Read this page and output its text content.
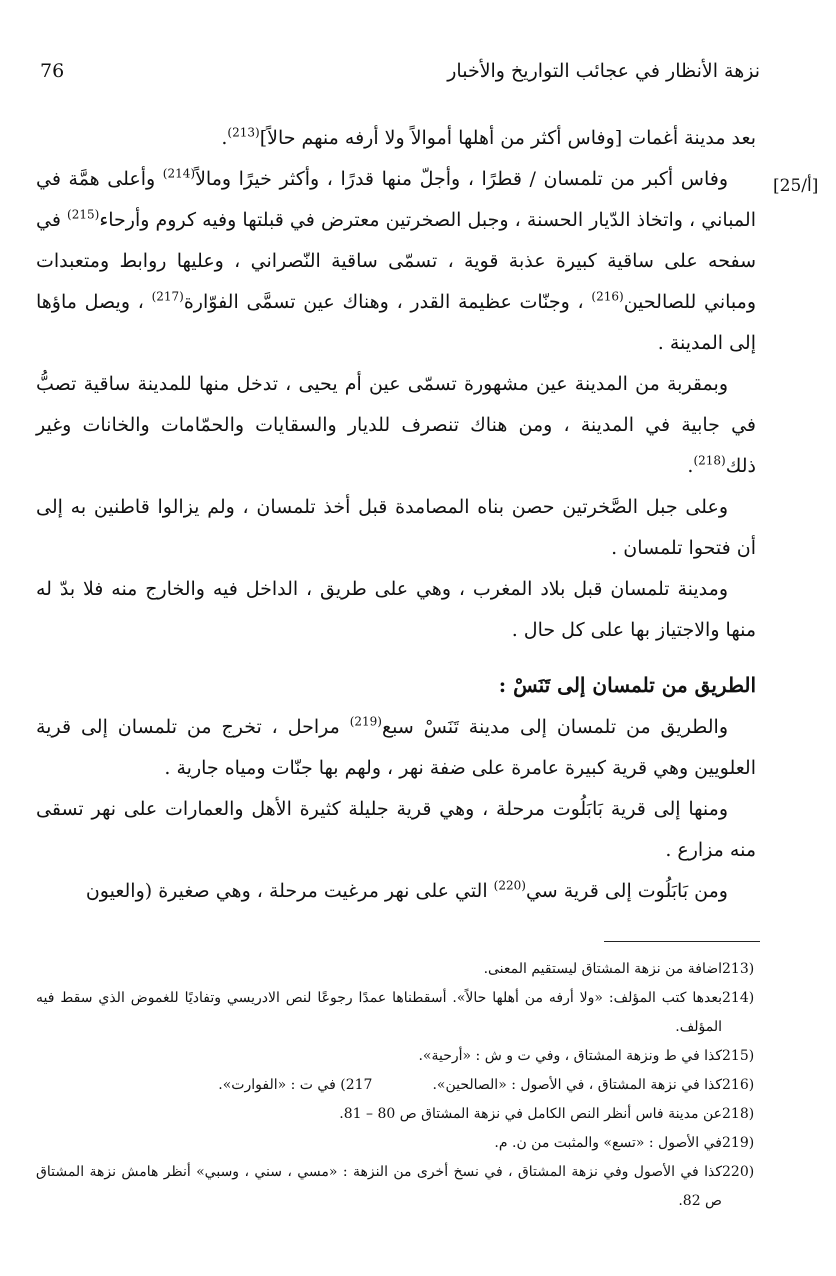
76	نزهة الأنظار في عجائب التواريخ والأخبار
[25/أ]

بعد مدينة أغمات [وفاس أكثر من أهلها أموالاً ولا أرفه منهم حالاً]$^{(213)}$.

وفاس أكبر من تلمسان / قطرًا ، وأجلّ منها قدرًا ، وأكثر خيرًا ومالاً$^{(214)}$ وأعلى همَّة في المباني ، واتخاذ الدّيار الحسنة ، وجبل الصخرتين معترض في قبلتها وفيه كروم وأرحاء$^{(215)}$ في سفحه على ساقية كبيرة عذبة قوية ، تسمّى ساقية النّصراني ، وعليها روابط ومتعبدات ومباني للصالحين$^{(216)}$ ، وجنّات عظيمة القدر ، وهناك عين تسمَّى الفوّارة$^{(217)}$ ، ويصل ماؤها إلى المدينة .

وبمقربة من المدينة عين مشهورة تسمّى عين أم يحيى ، تدخل منها للمدينة ساقية تصبُّ في جابية في المدينة ، ومن هناك تنصرف للديار والسقايات والحمّامات والخانات وغير ذلك$^{(218)}$.

وعلى جبل الصَّخرتين حصن بناه المصامدة قبل أخذ تلمسان ، ولم يزالوا قاطنين به إلى أن فتحوا تلمسان .

ومدينة تلمسان قبل بلاد المغرب ، وهي على طريق ، الداخل فيه والخارج منه فلا بدّ له منها والاجتياز بها على كل حال .

الطريق من تلمسان إلى تَنَسْ :

والطريق من تلمسان إلى مدينة تَنَسْ سبع$^{(219)}$ مراحل ، تخرج من تلمسان إلى قرية العلويين وهي قرية كبيرة عامرة على ضفة نهر ، ولهم بها جنّات ومياه جارية .

ومنها إلى قرية بَابَلُوت مرحلة ، وهي قرية جليلة كثيرة الأهل والعمارات على نهر تسقى منه مزارع .

ومن بَابَلُوت إلى قرية سي$^{(220)}$ التي على نهر مرغيت مرحلة ، وهي صغيرة (والعيون

213)
اضافة من نزهة المشتاق ليستقيم المعنى.
214)
بعدها كتب المؤلف: «ولا أرفه من أهلها حالاً». أسقطناها عمدًا رجوعًا لنص الادريسي وتفاديًا للغموض الذي سقط فيه المؤلف.
215)
كذا في ط ونزهة المشتاق ، وفي ت و ش : «أرحية».
216)
كذا في نزهة المشتاق ، في الأصول : «الصالحين».
217) في ت : «الفوارت».
218)
عن مدينة فاس أنظر النص الكامل في نزهة المشتاق ص 80 – 81.
219)
في الأصول : «تسع» والمثبت من ن. م.
220)
كذا في الأصول وفي نزهة المشتاق ، في نسخ أخرى من النزهة : «مسي ، سني ، وسبي» أنظر هامش نزهة المشتاق ص 82.
